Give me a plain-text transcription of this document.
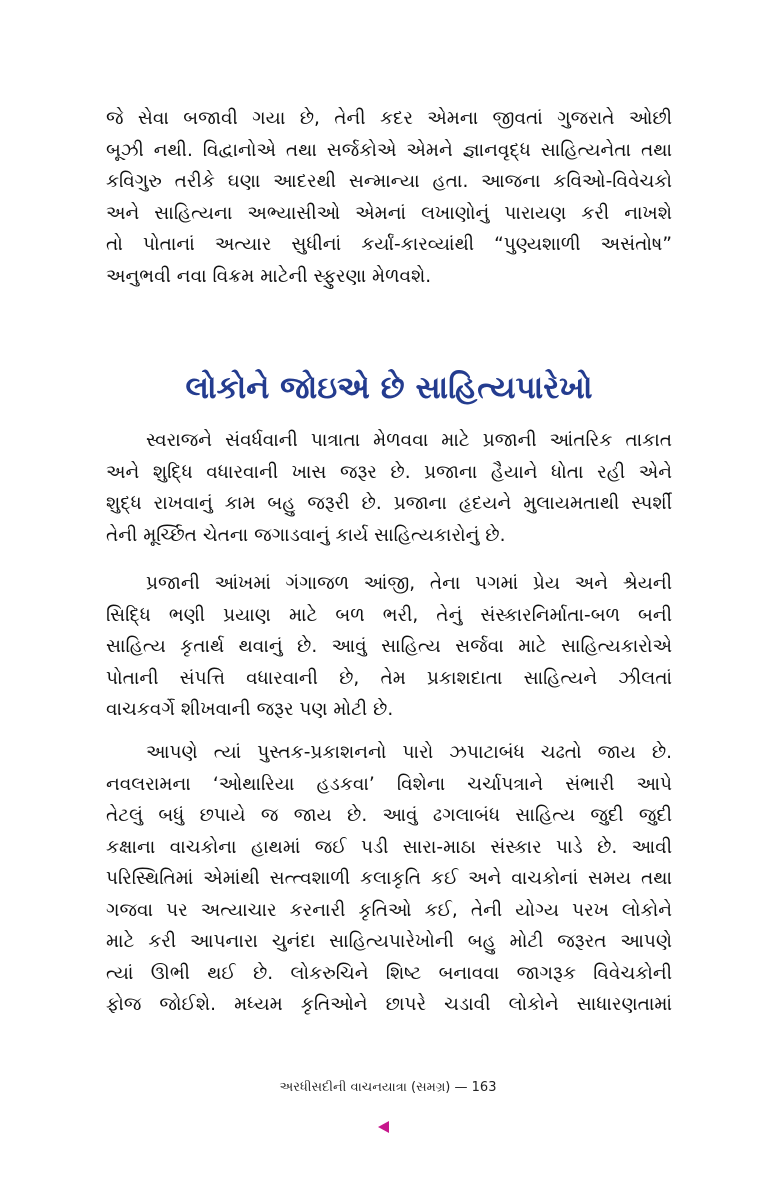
જે સેવા બજાવી ગયા છે, તેની કદર એમના જીવતાં ગુજરાતે ઓછી
બૂઝી નથી. વિદ્વાનોએ તથા સર્જકોએ એમને જ્ઞાનવૃદ્ધ સાહિત્યનેતા તથા
કવિગુરુ તરીકે ઘણા આદરથી સન્માન્યા હતા. આજના કવિઓ-વિવેચકો
અને સાહિત્યના અભ્યાસીઓ એમનાં લખાણોનું પારાયણ કરી નાખશે
તો પોતાનાં અત્યાર સુધીનાં કર્યાં-કારવ્યાંથી “પુણ્યશાળી અસંતોષ”
અનુભવી નવા વિક્રમ માટેની સ્ફુરણા મેળવશે.
લોકોને જોઇએ છે સાહિત્યપારેખો
સ્વરાજને સંવર્ધવાની પાત્રાતા મેળવવા માટે પ્રજાની આંતરિક તાકાત
અને શુદ્ધિ વધારવાની ખાસ જરૂર છે. પ્રજાના હૈયાને ધોતા રહી એને
શુદ્ધ રાખવાનું કામ બહુ જરૂરી છે. પ્રજાના હૃદયને મુલાયમતાથી સ્પર્શી
તેની મૂર્ચ્છિત ચેતના જગાડવાનું કાર્ય સાહિત્યકારોનું છે.
પ્રજાની આંખમાં ગંગાજળ આંજી, તેના પગમાં પ્રેય અને શ્રેયની
સિદ્ધિ ભણી પ્રયાણ માટે બળ ભરી, તેનું સંસ્કારનિર્માતા-બળ બની
સાહિત્ય કૃતાર્થ થવાનું છે. આવું સાહિત્ય સર્જવા માટે સાહિત્યકારોએ
પોતાની સંપત્તિ વધારવાની છે, તેમ પ્રકાશદાતા સાહિત્યને ઝીલતાં
વાચકવર્ગે શીખવાની જરૂર પણ મોટી છે.
આપણે ત્યાં પુસ્તક-પ્રકાશનનો પારો ઝપાટાબંધ ચઢતો જાય છે.
નવલરામના ‘ઓથારિયા હડકવા’ વિશેના ચર્ચાપત્રાને સંભારી આપે
તેટલું બધું છપાયે જ જાય છે. આવું ઢગલાબંધ સાહિત્ય જુદી જુદી
કક્ષાના વાચકોના હાથમાં જઈ પડી સારા-માઠા સંસ્કાર પાડે છે. આવી
પરિસ્થિતિમાં એમાંથી સત્ત્વશાળી કલાકૃતિ કઈ અને વાચકોનાં સમય તથા
ગજવા પર અત્યાચાર કરનારી કૃતિઓ કઈ, તેની યોગ્ય પરખ લોકોને
માટે કરી આપનારા ચુનંદા સાહિત્યપારેખોની બહુ મોટી જરૂરત આપણે
ત્યાં ઊભી થઈ છે. લોકરુચિને શિષ્ટ બનાવવા જાગરૂક વિવેચકોની
ફોજ જોઈશે. મધ્યમ કૃતિઓને છાપરે ચડાવી લોકોને સાધારણતામાં
અરધીસદીની વાચનયાત્રા (સમગ્ર) — 163
